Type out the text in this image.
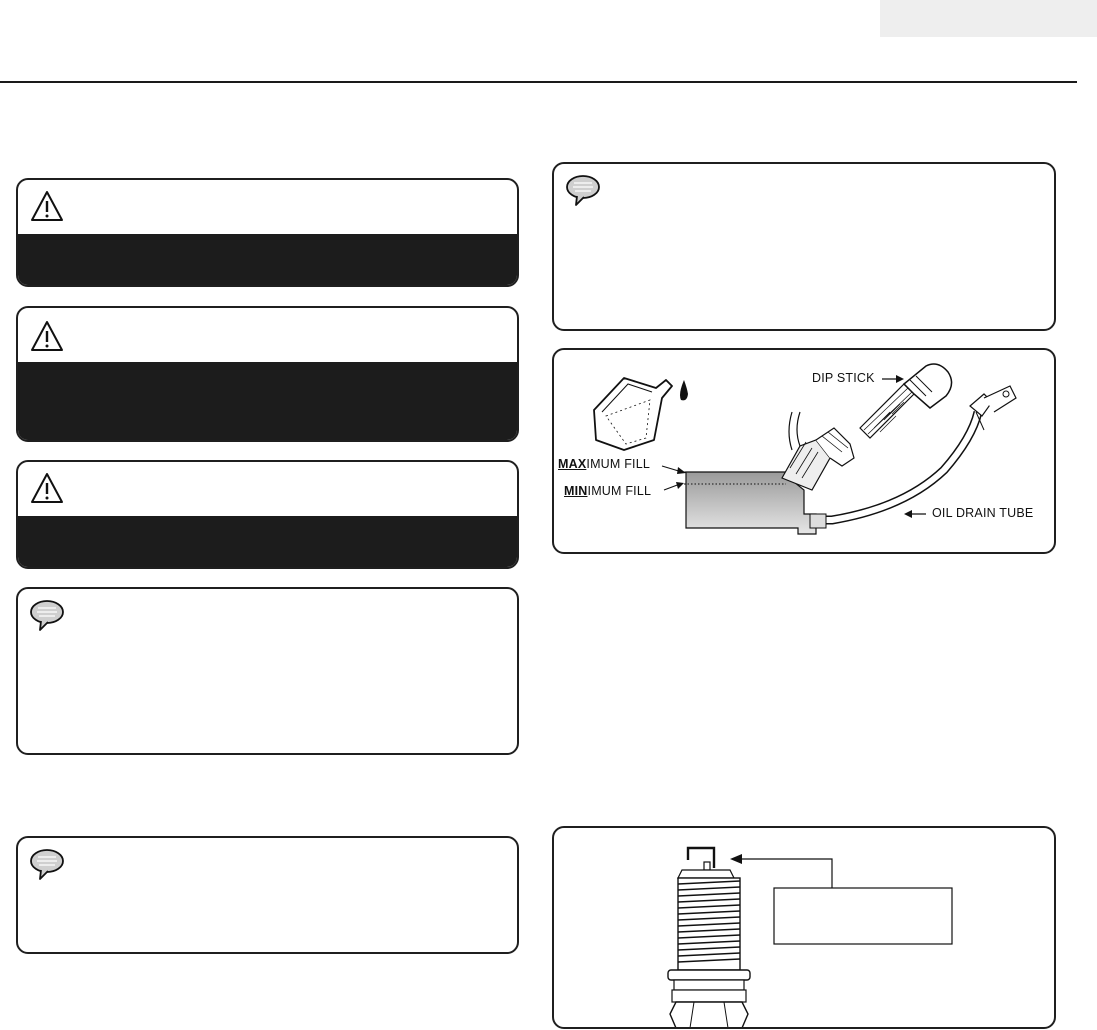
DIP STICK
MAXIMUM FILL
MINIMUM FILL
OIL DRAIN TUBE
